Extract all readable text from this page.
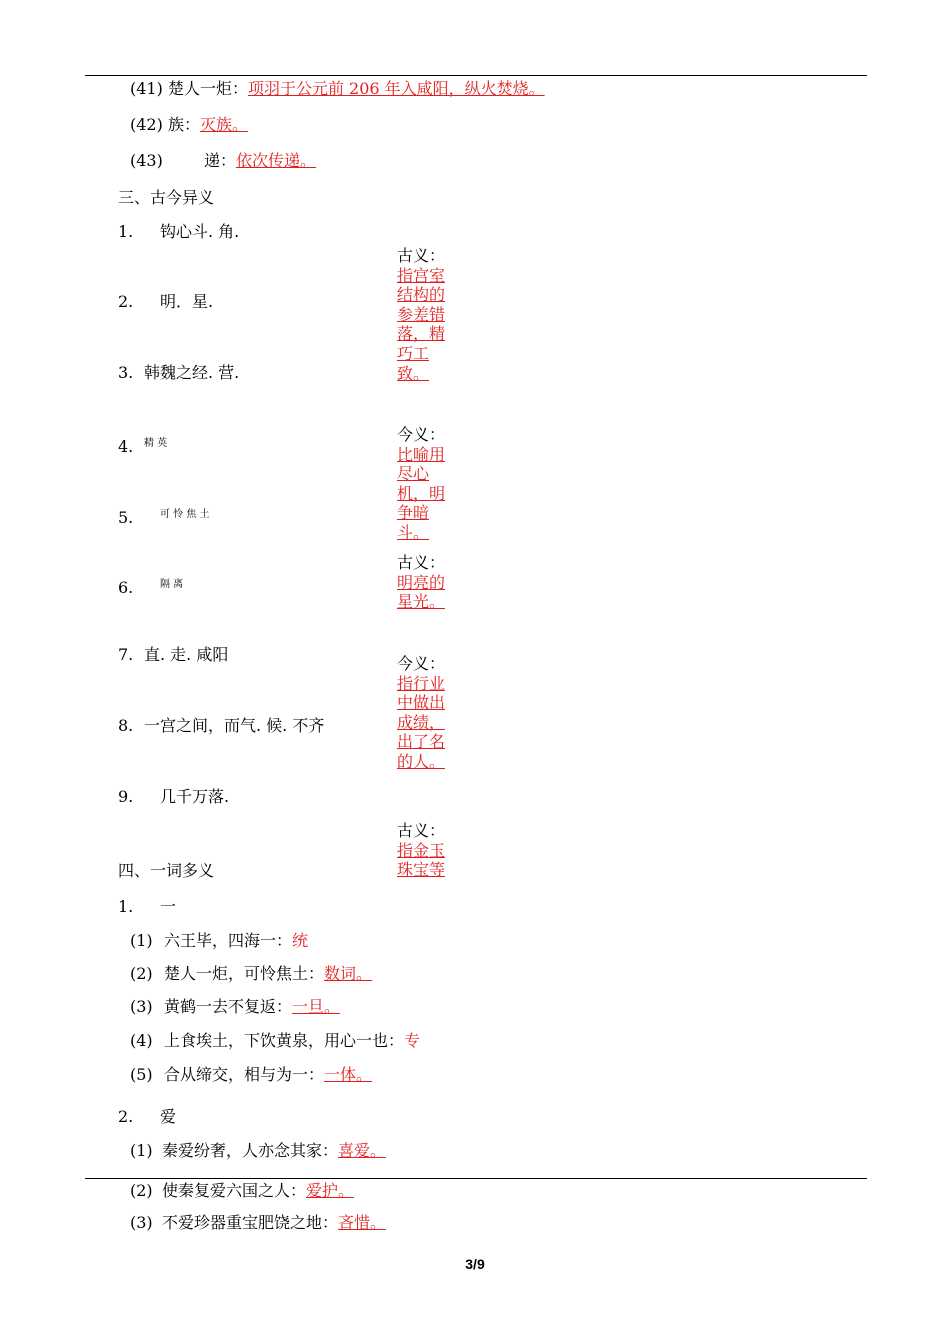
(41) 楚人一炬：项羽于公元前 206 年入咸阳，纵火焚烧。
(42) 族：灭族。
(43)	递：依次传递。
三、古今异义
1. 钩心斗. 角.
2. 明．星.
3. 韩魏之经. 营.
4. $^{精 英}$
5.	$^{可 怜 焦 土}$
6.	$^{隔 离}$
7. 直. 走. 咸阳
8. 一宫之间，而气. 候. 不齐
9. 几千万落.
古义：
指宫室结构的参差错落，精巧工致。
今义：
比喻用尽心机，明争暗斗。
古义：
明亮的星光。
今义：
指行业中做出成绩，出了名的人。
古义：
指金玉珠宝等
四、一词多义
1. 一
(1) 六王毕，四海一：统
(2) 楚人一炬，可怜焦土：数词。
(3) 黄鹤一去不复返：一旦。
(4) 上食埃土，下饮黄泉，用心一也：专
(5) 合从缔交，相与为一：一体。
2. 爱
(1) 秦爱纷奢，人亦念其家：喜爱。
(2) 使秦复爱六国之人：爱护。
(3) 不爱珍器重宝肥饶之地：吝惜。
3/9
